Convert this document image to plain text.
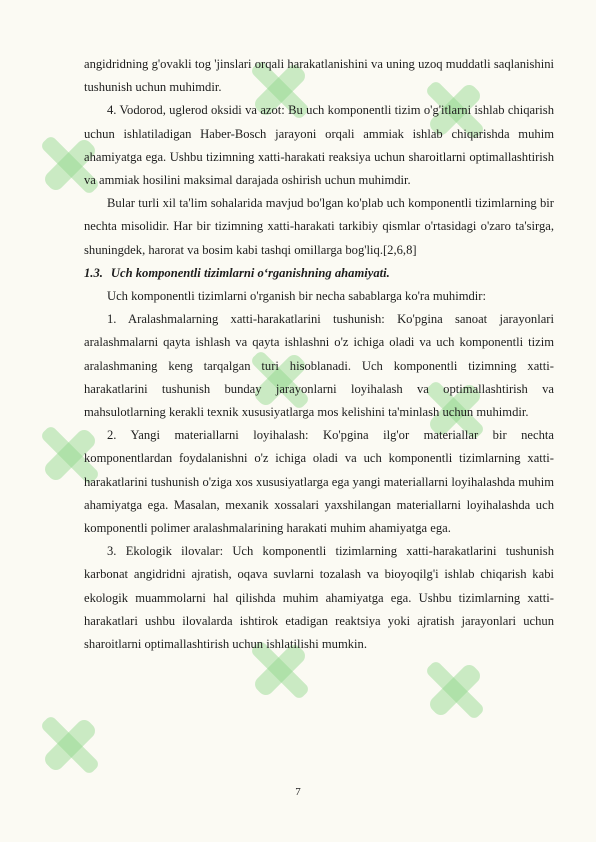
angidridning g'ovakli tog 'jinslari orqali harakatlanishini va uning uzoq muddatli saqlanishini tushunish uchun muhimdir.

4. Vodorod, uglerod oksidi va azot: Bu uch komponentli tizim o'g'itlarni ishlab chiqarish uchun ishlatiladigan Haber-Bosch jarayoni orqali ammiak ishlab chiqarishda muhim ahamiyatga ega. Ushbu tizimning xatti-harakati reaksiya uchun sharoitlarni optimallashtirish va ammiak hosilini maksimal darajada oshirish uchun muhimdir.

Bular turli xil ta'lim sohalarida mavjud bo'lgan ko'plab uch komponentli tizimlarning bir nechta misolidir. Har bir tizimning xatti-harakati tarkibiy qismlar o'rtasidagi o'zaro ta'sirga, shuningdek, harorat va bosim kabi tashqi omillarga bog'liq.[2,6,8]

1.3. Uch komponentli tizimlarni o‘rganishning ahamiyati.

Uch komponentli tizimlarni o'rganish bir necha sabablarga ko'ra muhimdir:

1. Aralashmalarning xatti-harakatlarini tushunish: Ko'pgina sanoat jarayonlari aralashmalarni qayta ishlash va qayta ishlashni o'z ichiga oladi va uch komponentli tizim aralashmaning keng tarqalgan turi hisoblanadi. Uch komponentli tizimning xatti-harakatlarini tushunish bunday jarayonlarni loyihalash va optimallashtirish va mahsulotlarning kerakli texnik xususiyatlarga mos kelishini ta'minlash uchun muhimdir.

2. Yangi materiallarni loyihalash: Ko'pgina ilg'or materiallar bir nechta komponentlardan foydalanishni o'z ichiga oladi va uch komponentli tizimlarning xatti-harakatlarini tushunish o'ziga xos xususiyatlarga ega yangi materiallarni loyihalashda muhim ahamiyatga ega. Masalan, mexanik xossalari yaxshilangan materiallarni loyihalashda uch komponentli polimer aralashmalarining harakati muhim ahamiyatga ega.

3. Ekologik ilovalar: Uch komponentli tizimlarning xatti-harakatlarini tushunish karbonat angidridni ajratish, oqava suvlarni tozalash va bioyoqilg'i ishlab chiqarish kabi ekologik muammolarni hal qilishda muhim ahamiyatga ega. Ushbu tizimlarning xatti-harakatlari ushbu ilovalarda ishtirok etadigan reaktsiya yoki ajratish jarayonlari uchun sharoitlarni optimallashtirish uchun ishlatilishi mumkin.

7
